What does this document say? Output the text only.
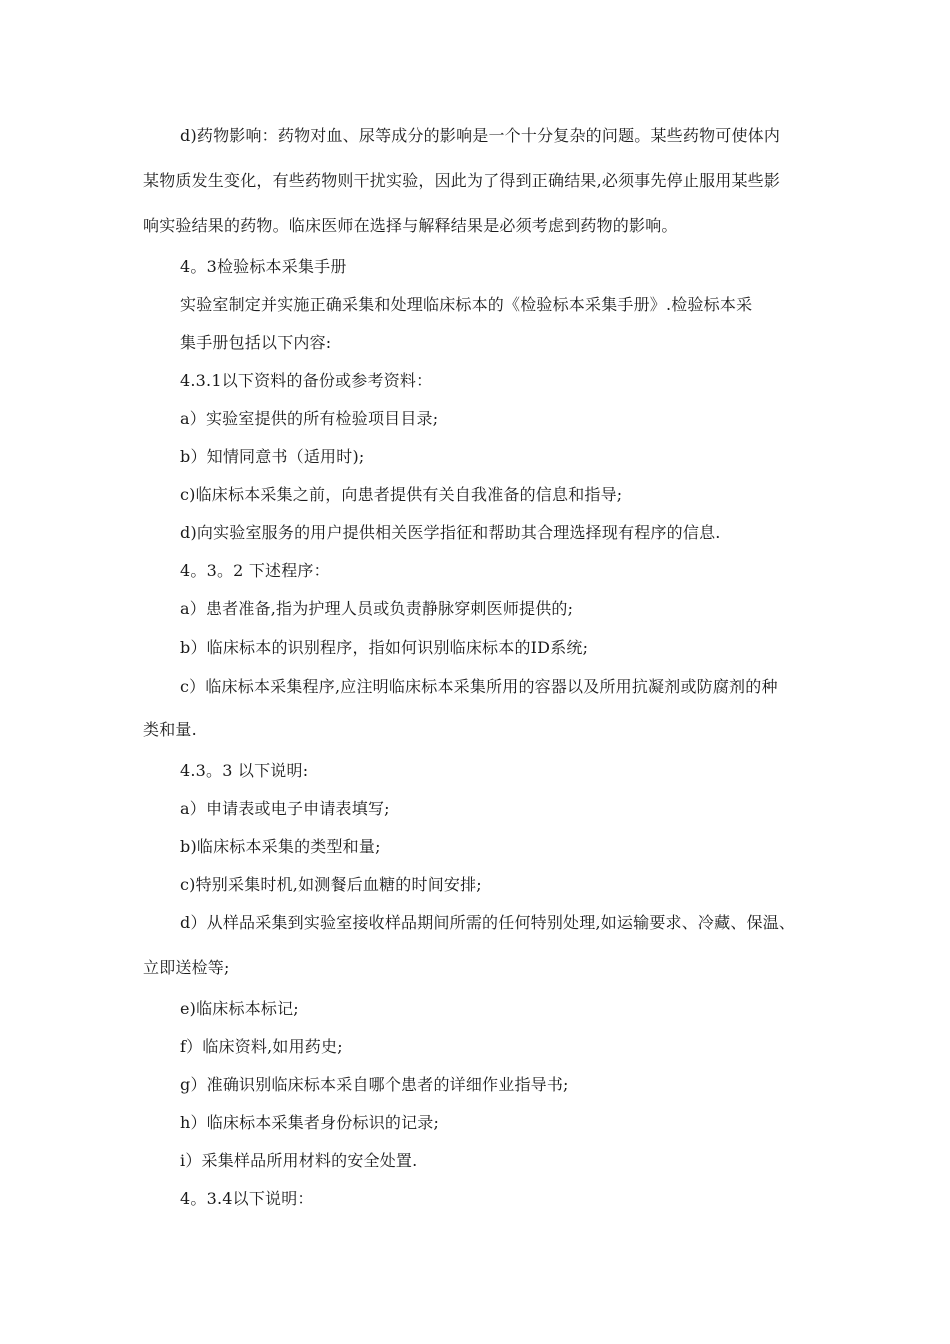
d)药物影响：药物对血、尿等成分的影响是一个十分复杂的问题。某些药物可使体内
某物质发生变化，有些药物则干扰实验，因此为了得到正确结果,必须事先停止服用某些影
响实验结果的药物。临床医师在选择与解释结果是必须考虑到药物的影响。
4。3检验标本采集手册
实验室制定并实施正确采集和处理临床标本的《检验标本采集手册》.检验标本采
集手册包括以下内容:
4.3.1以下资料的备份或参考资料：
a）实验室提供的所有检验项目目录;
b）知情同意书（适用时);
c)临床标本采集之前，向患者提供有关自我准备的信息和指导;
d)向实验室服务的用户提供相关医学指征和帮助其合理选择现有程序的信息.
4。3。2 下述程序：
a）患者准备,指为护理人员或负责静脉穿刺医师提供的;
b）临床标本的识别程序，指如何识别临床标本的ID系统;
c）临床标本采集程序,应注明临床标本采集所用的容器以及所用抗凝剂或防腐剂的种
类和量.
4.3。3 以下说明:
a）申请表或电子申请表填写;
b)临床标本采集的类型和量;
c)特别采集时机,如测餐后血糖的时间安排;
d）从样品采集到实验室接收样品期间所需的任何特别处理,如运输要求、冷藏、保温、
立即送检等;
e)临床标本标记;
f）临床资料,如用药史;
g）准确识别临床标本采自哪个患者的详细作业指导书;
h）临床标本采集者身份标识的记录;
i）采集样品所用材料的安全处置.
4。3.4以下说明：
